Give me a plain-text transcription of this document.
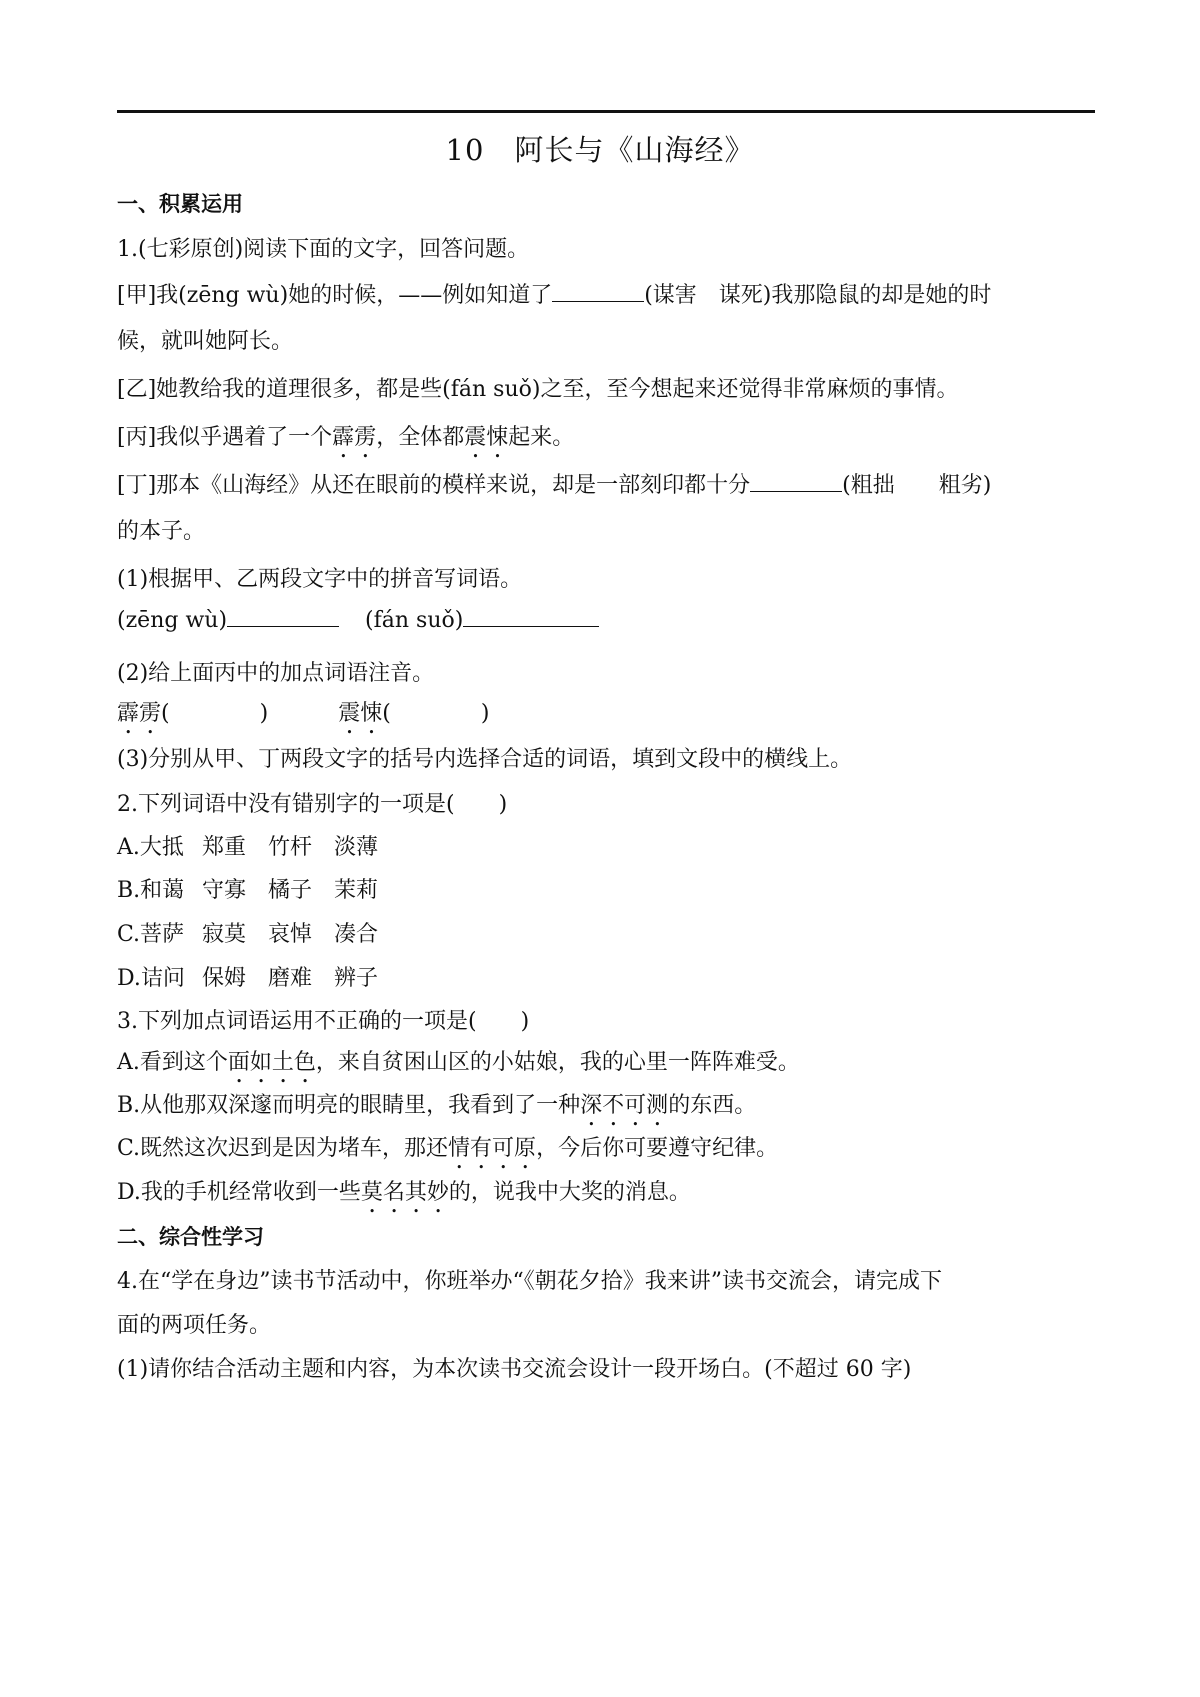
10 阿长与《山海经》
一、积累运用
1.(七彩原创)阅读下面的文字，回答问题。
[甲]我(zēng wù)她的时候，——例如知道了	(谋害　谋死)我那隐鼠的却是她的时
候，就叫她阿长。
[乙]她教给我的道理很多，都是些(fán suǒ)之至，至今想起来还觉得非常麻烦的事情。
[丙]我似乎遇着了一个霹雳，全体都震悚起来。
[丁]那本《山海经》从还在眼前的模样来说，却是一部刻印都十分	(粗拙　　粗劣)
的本子。
(1)根据甲、乙两段文字中的拼音写词语。
(zēng wù)	(fán suǒ)
(2)给上面丙中的加点词语注音。
霹雳(	)	震悚(	)
(3)分别从甲、丁两段文字的括号内选择合适的词语，填到文段中的横线上。
2.下列词语中没有错别字的一项是(　　)
A.大抵 郑重 竹杆 淡薄
B.和蔼 守寡 橘子 茉莉
C.菩萨 寂莫 哀悼 凑合
D.诘问 保姆 磨难 辨子
3.下列加点词语运用不正确的一项是(　　)
A.看到这个面如土色，来自贫困山区的小姑娘，我的心里一阵阵难受。
B.从他那双深邃而明亮的眼睛里，我看到了一种深不可测的东西。
C.既然这次迟到是因为堵车，那还情有可原，今后你可要遵守纪律。
D.我的手机经常收到一些莫名其妙的，说我中大奖的消息。
二、综合性学习
4.在“学在身边”读书节活动中，你班举办“《朝花夕拾》我来讲”读书交流会，请完成下
面的两项任务。
(1)请你结合活动主题和内容，为本次读书交流会设计一段开场白。(不超过 60 字)
